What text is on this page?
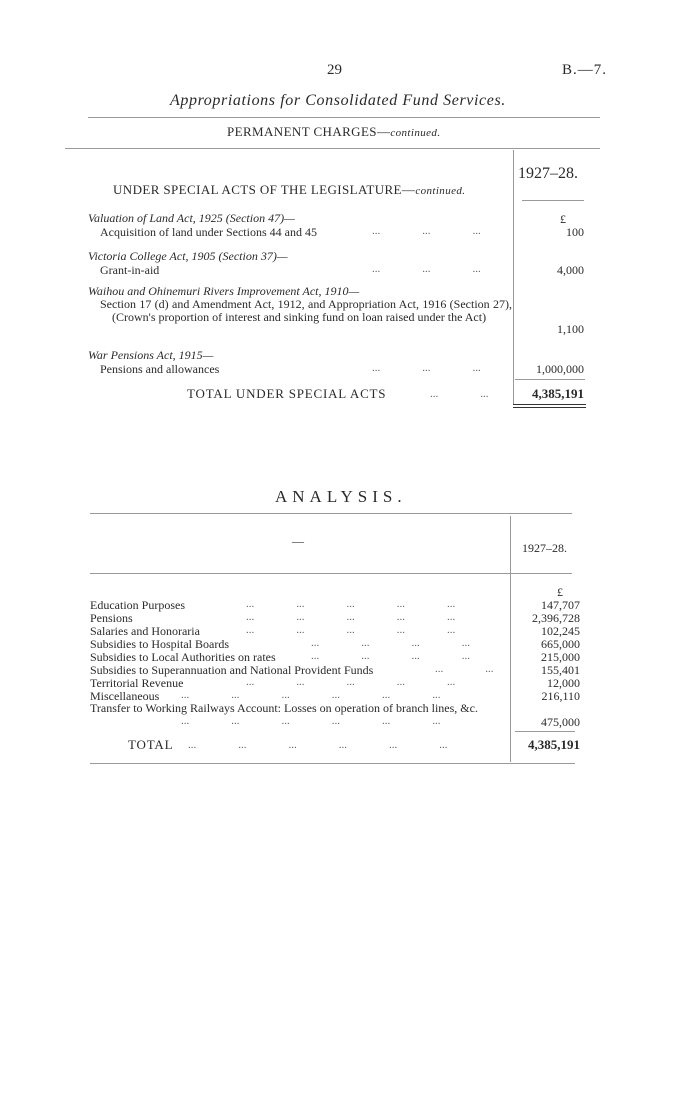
29	B.—7.
Appropriations for Consolidated Fund Services.
PERMANENT CHARGES—continued.
1927–28.
UNDER SPECIAL ACTS OF THE LEGISLATURE—continued.
£
Valuation of Land Act, 1925 (Section 47)—
Acquisition of land under Sections 44 and 45	...	...	...	100
Victoria College Act, 1905 (Section 37)—
Grant-in-aid	...	...	...	4,000
Waihou and Ohinemuri Rivers Improvement Act, 1910—
Section 17 (d) and Amendment Act, 1912, and Appropriation Act, 1916 (Section 27), (Crown's proportion of interest and sinking fund on loan raised under the Act)
1,100
War Pensions Act, 1915—
Pensions and allowances	...	...	...	1,000,000
TOTAL UNDER SPECIAL ACTS	...	...	4,385,191
ANALYSIS.
—	1927–28.
£
Education Purposes	147,707
Pensions	2,396,728
Salaries and Honoraria	102,245
Subsidies to Hospital Boards	665,000
Subsidies to Local Authorities on rates	215,000
Subsidies to Superannuation and National Provident Funds	155,401
Territorial Revenue	12,000
Miscellaneous	216,110
Transfer to Working Railways Account: Losses on operation of branch lines, &c.
475,000
...	...	...	...	...
...	...	...	...	...
...	...	...	...	...
...	...	...	...
...	...	...	...
...	...
...	...	...	...	...
...	...	...	...	...	...
...	...	...	...	...	...
TOTAL ...	...	...	...	...	...	4,385,191
